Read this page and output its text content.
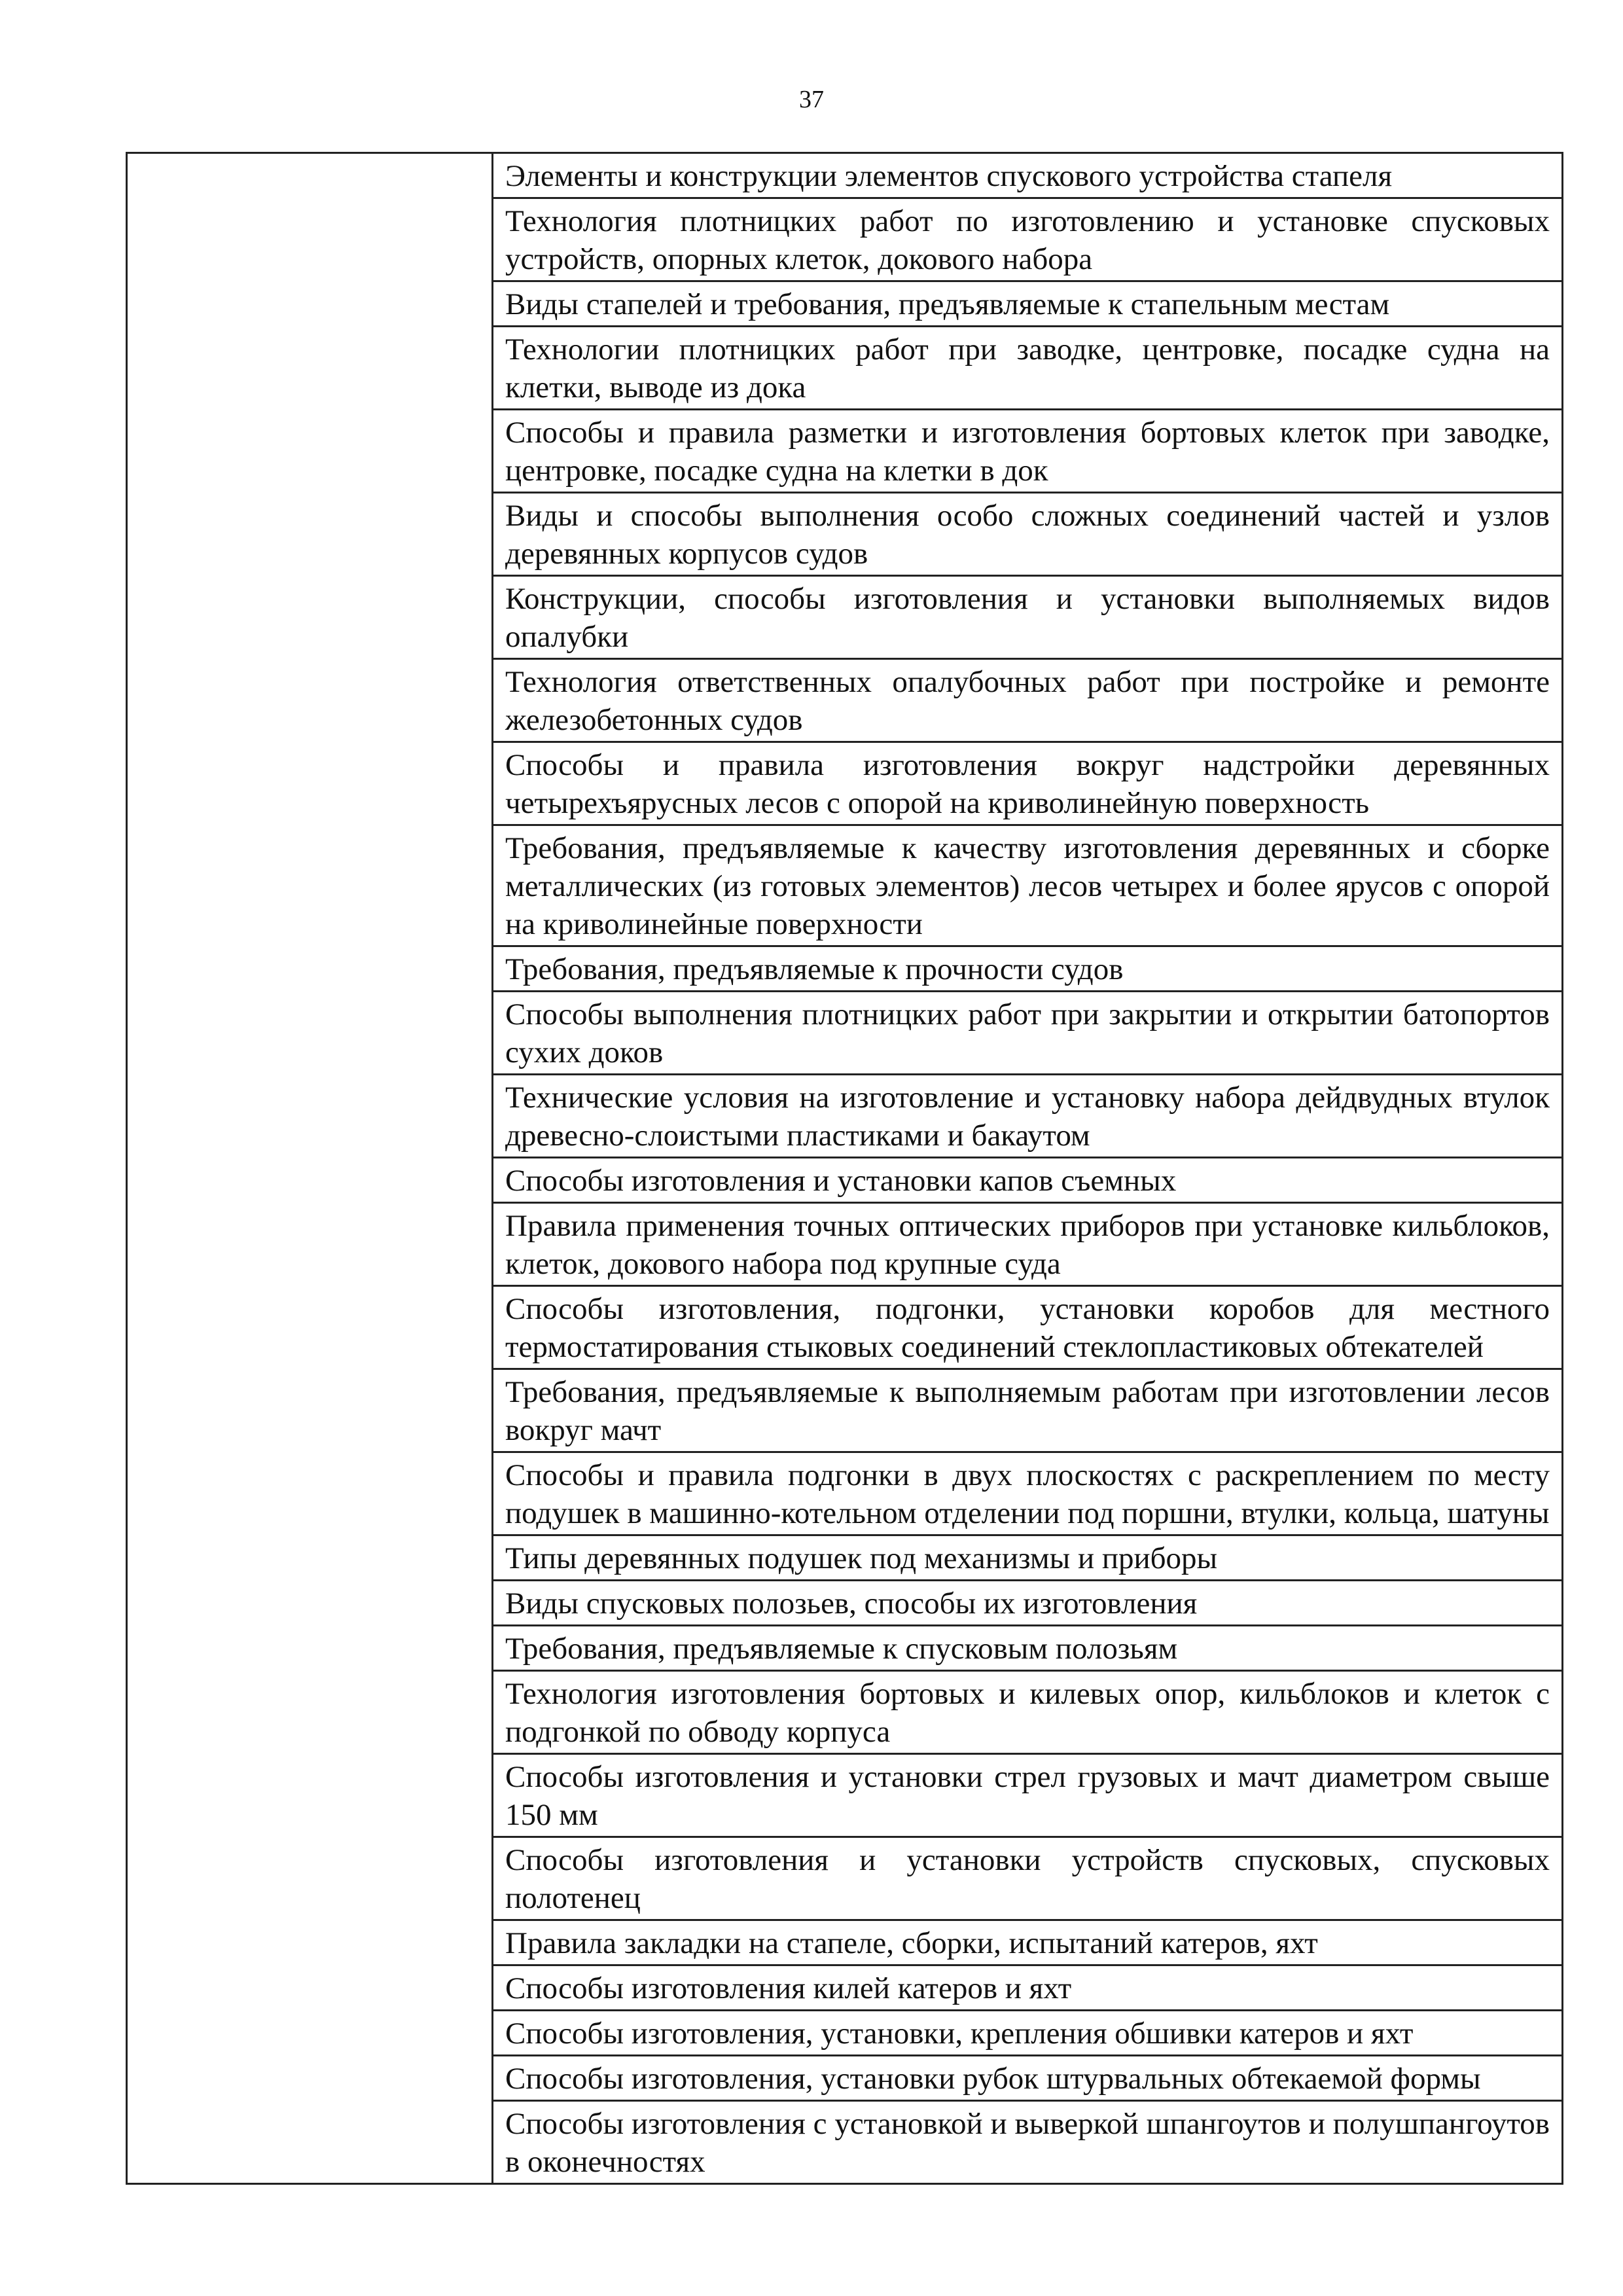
37

Элементы и конструкции элементов спускового устройства стапеля
Технология плотницких работ по изготовлению и установке спусковых устройств, опорных клеток, докового набора
Виды стапелей и требования, предъявляемые к стапельным местам
Технологии плотницких работ при заводке, центровке, посадке судна на клетки, выводе из дока
Способы и правила разметки и изготовления бортовых клеток при заводке, центровке, посадке судна на клетки в док
Виды и способы выполнения особо сложных соединений частей и узлов деревянных корпусов судов
Конструкции, способы изготовления и установки выполняемых видов опалубки
Технология ответственных опалубочных работ при постройке и ремонте железобетонных судов
Способы и правила изготовления вокруг надстройки деревянных четырехъярусных лесов с опорой на криволинейную поверхность
Требования, предъявляемые к качеству изготовления деревянных и сборке металлических (из готовых элементов) лесов четырех и более ярусов с опорой на криволинейные поверхности
Требования, предъявляемые к прочности судов
Способы выполнения плотницких работ при закрытии и открытии батопортов сухих доков
Технические условия на изготовление и установку набора дейдвудных втулок древесно-слоистыми пластиками и бакаутом
Способы изготовления и установки капов съемных
Правила применения точных оптических приборов при установке кильблоков, клеток, докового набора под крупные суда
Способы изготовления, подгонки, установки коробов для местного термостатирования стыковых соединений стеклопластиковых обтекателей
Требования, предъявляемые к выполняемым работам при изготовлении лесов вокруг мачт
Способы и правила подгонки в двух плоскостях с раскреплением по месту подушек в машинно-котельном отделении под поршни, втулки, кольца, шатуны
Типы деревянных подушек под механизмы и приборы
Виды спусковых полозьев, способы их изготовления
Требования, предъявляемые к спусковым полозьям
Технология изготовления бортовых и килевых опор, кильблоков и клеток с подгонкой по обводу корпуса
Способы изготовления и установки стрел грузовых и мачт диаметром свыше 150 мм
Способы изготовления и установки устройств спусковых, спусковых полотенец
Правила закладки на стапеле, сборки, испытаний катеров, яхт
Способы изготовления килей катеров и яхт
Способы изготовления, установки, крепления обшивки катеров и яхт
Способы изготовления, установки рубок штурвальных обтекаемой формы
Способы изготовления с установкой и выверкой шпангоутов и полушпангоутов в оконечностях
